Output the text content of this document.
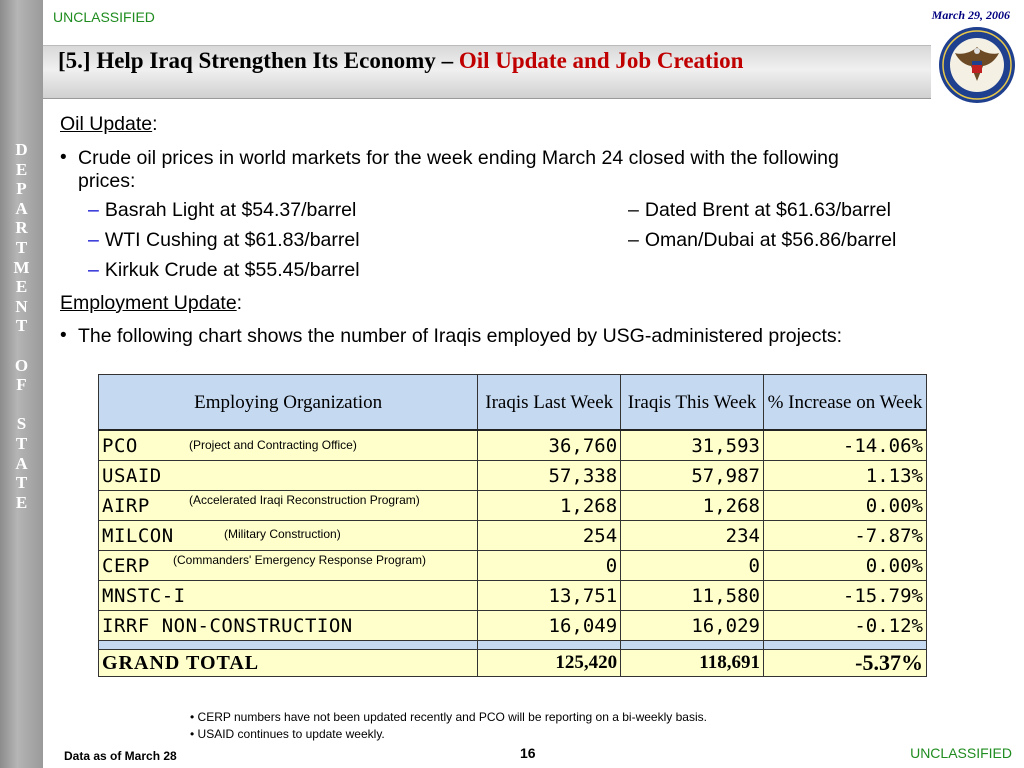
D
E
P
A
R
T
M
E
N
T
O
F
S
T
A
T
E
UNCLASSIFIED	March 29, 2006
[5.] Help Iraq Strengthen Its Economy – Oil Update and Job Creation
Oil Update:
• Crude oil prices in world markets for the week ending March 24 closed with the following
prices:
– Basrah Light at $54.37/barrel
– WTI Cushing at $61.83/barrel
– Kirkuk Crude at $55.45/barrel
– Dated Brent at $61.63/barrel
– Oman/Dubai at $56.86/barrel
Employment Update:
• The following chart shows the number of Iraqis employed by USG-administered projects:
Employing Organization	Iraqis Last Week	Iraqis This Week	% Increase on Week
PCO (Project and Contracting Office)	36,760	31,593	-14.06%
USAID	57,338	57,987	1.13%
AIRP (Accelerated Iraqi Reconstruction Program)	1,268	1,268	0.00%
MILCON (Military Construction)	254	234	-7.87%
CERP (Commanders' Emergency Response Program)	0	0	0.00%
MNSTC-I	13,751	11,580	-15.79%
IRRF NON-CONSTRUCTION	16,049	16,029	-0.12%

GRAND TOTAL	125,420	118,691	-5.37%
• CERP numbers have not been updated recently and PCO will be reporting on a bi-weekly basis.
• USAID continues to update weekly.
Data as of March 28	16	UNCLASSIFIED
